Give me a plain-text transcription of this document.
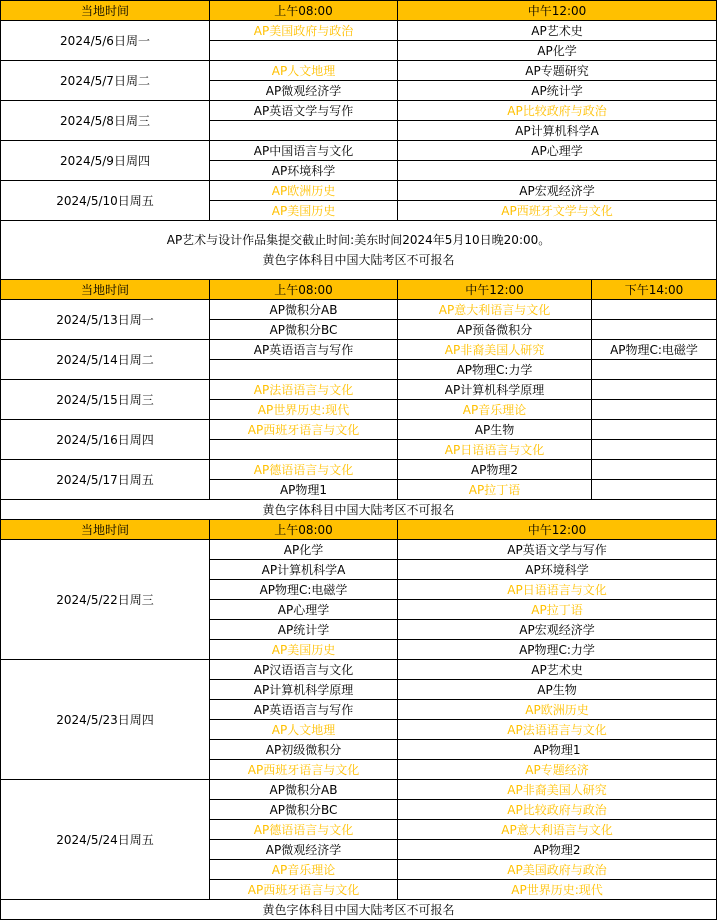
当地时间	上午08:00	中午12:00	
2024/5/6日周一	AP美国政府与政治	AP艺术史	
		AP化学	
2024/5/7日周二	AP人文地理	AP专题研究	
	AP微观经济学	AP统计学	
2024/5/8日周三	AP英语文学与写作	AP比较政府与政治	
		AP计算机科学A	
2024/5/9日周四	AP中国语言与文化	AP心理学	
	AP环境科学		
2024/5/10日周五	AP欧洲历史	AP宏观经济学	
	AP美国历史	AP西班牙文学与文化	

AP艺术与设计作品集提交截止时间:美东时间2024年5月10日晚20:00。
黄色字体科目中国大陆考区不可报名			

当地时间	上午08:00	中午12:00	下午14:00
2024/5/13日周一	AP微积分AB	AP意大利语言与文化	
	AP微积分BC	AP预备微积分	
2024/5/14日周二	AP英语语言与写作	AP非裔美国人研究	AP物理C:电磁学
		AP物理C:力学	
2024/5/15日周三	AP法语语言与文化	AP计算机科学原理	
	AP世界历史:现代	AP音乐理论	
2024/5/16日周四	AP西班牙语言与文化	AP生物	
		AP日语语言与文化	
2024/5/17日周五	AP德语语言与文化	AP物理2	
	AP物理1	AP拉丁语	
黄色字体科目中国大陆考区不可报名			
当地时间	上午08:00	中午12:00	
2024/5/22日周三	AP化学	AP英语文学与写作	
	AP计算机科学A	AP环境科学	
	AP物理C:电磁学	AP日语语言与文化	
	AP心理学	AP拉丁语	
	AP统计学	AP宏观经济学	
	AP美国历史	AP物理C:力学	
2024/5/23日周四	AP汉语语言与文化	AP艺术史	
	AP计算机科学原理	AP生物	
	AP英语语言与写作	AP欧洲历史	
	AP人文地理	AP法语语言与文化	
	AP初级微积分	AP物理1	
	AP西班牙语言与文化	AP专题经济	
2024/5/24日周五	AP微积分AB	AP非裔美国人研究	
	AP微积分BC	AP比较政府与政治	
	AP德语语言与文化	AP意大利语言与文化	
	AP微观经济学	AP物理2	
	AP音乐理论	AP美国政府与政治	
	AP西班牙语言与文化	AP世界历史:现代	
黄色字体科目中国大陆考区不可报名			
